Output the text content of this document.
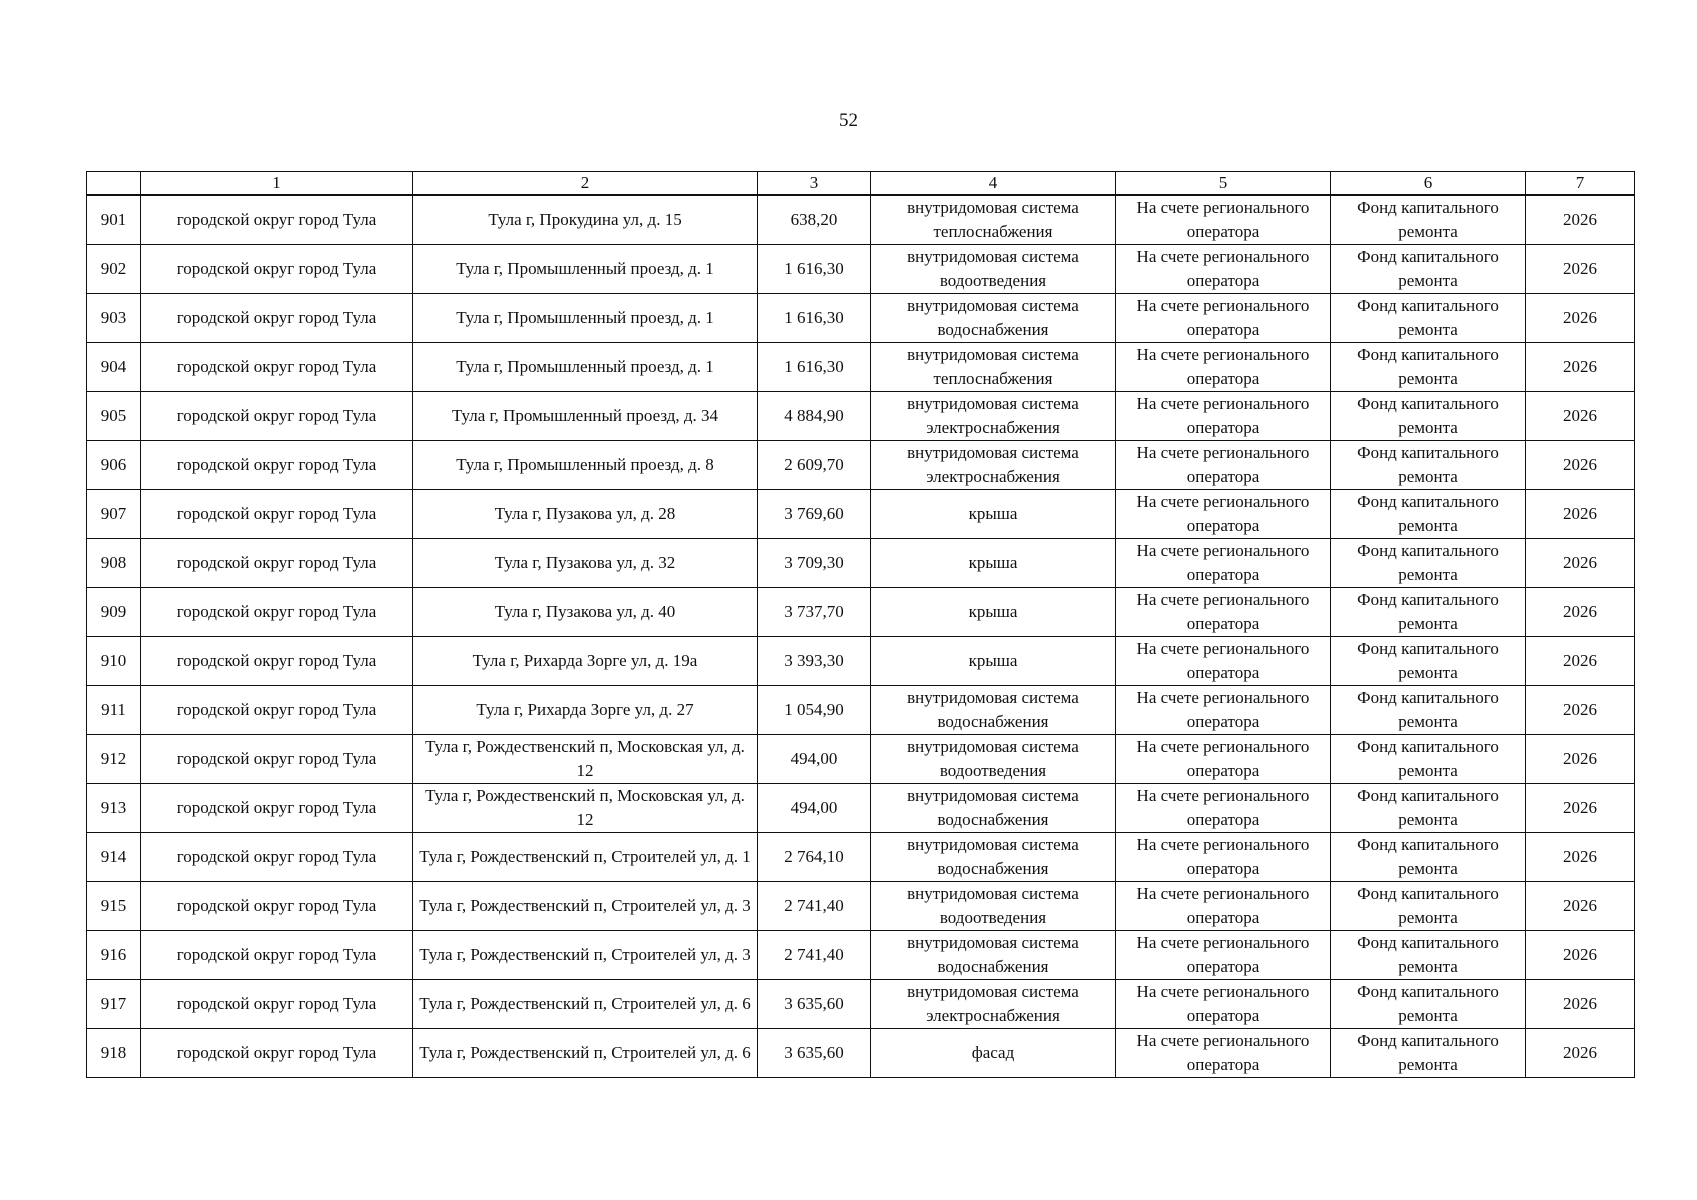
52
	1	2	3	4	5	6	7
901	городской округ город Тула	Тула г, Прокудина ул, д. 15	638,20	внутридомовая система теплоснабжения	На счете регионального оператора	Фонд капитального ремонта	2026
902	городской округ город Тула	Тула г, Промышленный проезд, д. 1	1 616,30	внутридомовая система водоотведения	На счете регионального оператора	Фонд капитального ремонта	2026
903	городской округ город Тула	Тула г, Промышленный проезд, д. 1	1 616,30	внутридомовая система водоснабжения	На счете регионального оператора	Фонд капитального ремонта	2026
904	городской округ город Тула	Тула г, Промышленный проезд, д. 1	1 616,30	внутридомовая система теплоснабжения	На счете регионального оператора	Фонд капитального ремонта	2026
905	городской округ город Тула	Тула г, Промышленный проезд, д. 34	4 884,90	внутридомовая система электроснабжения	На счете регионального оператора	Фонд капитального ремонта	2026
906	городской округ город Тула	Тула г, Промышленный проезд, д. 8	2 609,70	внутридомовая система электроснабжения	На счете регионального оператора	Фонд капитального ремонта	2026
907	городской округ город Тула	Тула г, Пузакова ул, д. 28	3 769,60	крыша	На счете регионального оператора	Фонд капитального ремонта	2026
908	городской округ город Тула	Тула г, Пузакова ул, д. 32	3 709,30	крыша	На счете регионального оператора	Фонд капитального ремонта	2026
909	городской округ город Тула	Тула г, Пузакова ул, д. 40	3 737,70	крыша	На счете регионального оператора	Фонд капитального ремонта	2026
910	городской округ город Тула	Тула г, Рихарда Зорге ул, д. 19а	3 393,30	крыша	На счете регионального оператора	Фонд капитального ремонта	2026
911	городской округ город Тула	Тула г, Рихарда Зорге ул, д. 27	1 054,90	внутридомовая система водоснабжения	На счете регионального оператора	Фонд капитального ремонта	2026
912	городской округ город Тула	Тула г, Рождественский п, Московская ул, д. 12	494,00	внутридомовая система водоотведения	На счете регионального оператора	Фонд капитального ремонта	2026
913	городской округ город Тула	Тула г, Рождественский п, Московская ул, д. 12	494,00	внутридомовая система водоснабжения	На счете регионального оператора	Фонд капитального ремонта	2026
914	городской округ город Тула	Тула г, Рождественский п, Строителей ул, д. 1	2 764,10	внутридомовая система водоснабжения	На счете регионального оператора	Фонд капитального ремонта	2026
915	городской округ город Тула	Тула г, Рождественский п, Строителей ул, д. 3	2 741,40	внутридомовая система водоотведения	На счете регионального оператора	Фонд капитального ремонта	2026
916	городской округ город Тула	Тула г, Рождественский п, Строителей ул, д. 3	2 741,40	внутридомовая система водоснабжения	На счете регионального оператора	Фонд капитального ремонта	2026
917	городской округ город Тула	Тула г, Рождественский п, Строителей ул, д. 6	3 635,60	внутридомовая система электроснабжения	На счете регионального оператора	Фонд капитального ремонта	2026
918	городской округ город Тула	Тула г, Рождественский п, Строителей ул, д. 6	3 635,60	фасад	На счете регионального оператора	Фонд капитального ремонта	2026
